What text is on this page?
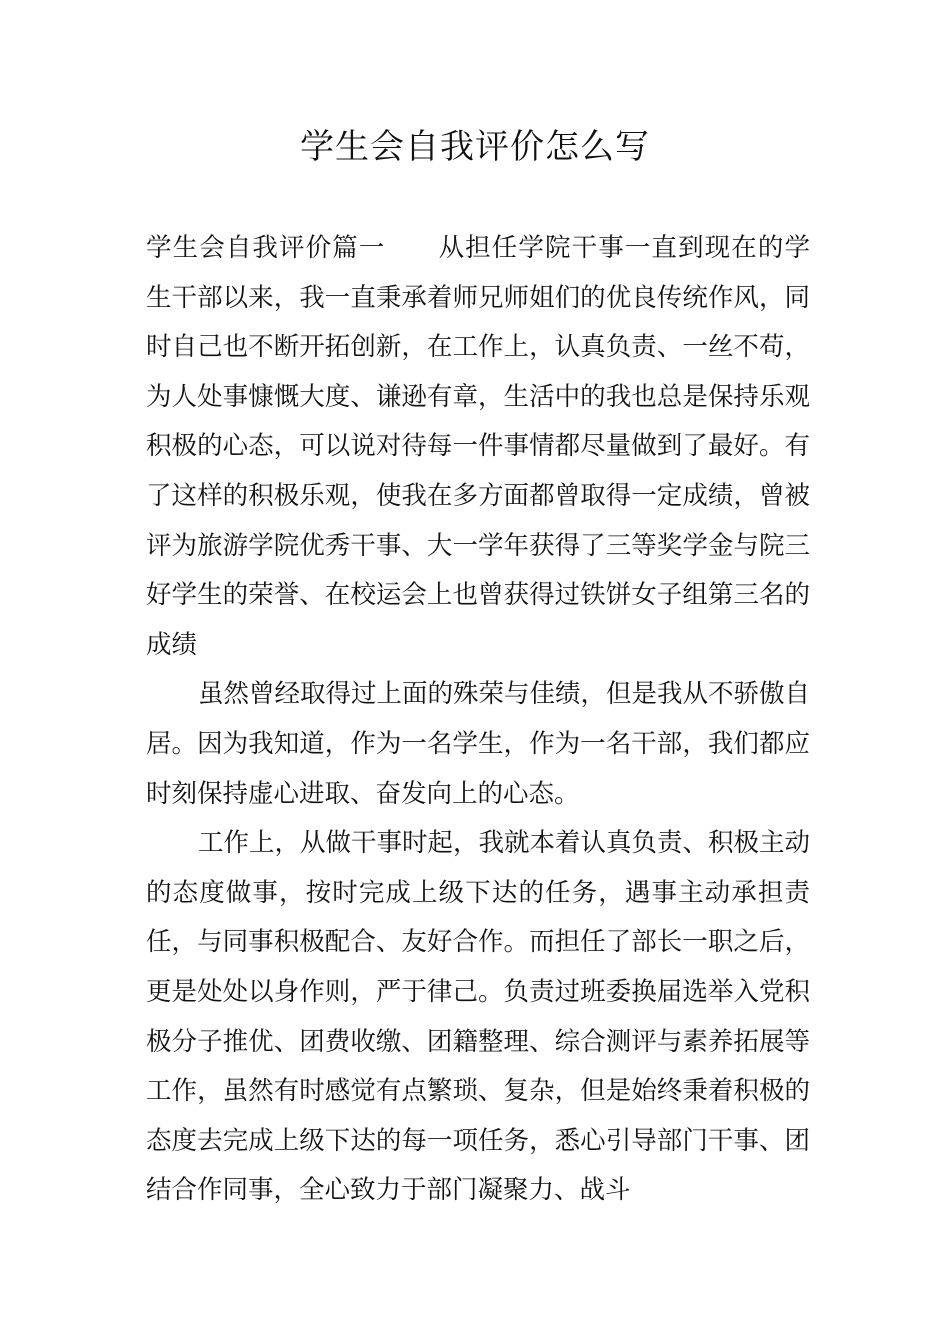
学生会自我评价怎么写

学生会自我评价篇一 从担任学院干事一直到现在的学生干部以来，我一直秉承着师兄师姐们的优良传统作风，同时自己也不断开拓创新，在工作上，认真负责、一丝不苟，为人处事慷慨大度、谦逊有章，生活中的我也总是保持乐观积极的心态，可以说对待每一件事情都尽量做到了最好。有了这样的积极乐观，使我在多方面都曾取得一定成绩，曾被评为旅游学院优秀干事、大一学年获得了三等奖学金与院三好学生的荣誉、在校运会上也曾获得过铁饼女子组第三名的成绩

虽然曾经取得过上面的殊荣与佳绩，但是我从不骄傲自居。因为我知道，作为一名学生，作为一名干部，我们都应时刻保持虚心进取、奋发向上的心态。

工作上，从做干事时起，我就本着认真负责、积极主动的态度做事，按时完成上级下达的任务，遇事主动承担责任，与同事积极配合、友好合作。而担任了部长一职之后，更是处处以身作则，严于律己。负责过班委换届选举入党积极分子推优、团费收缴、团籍整理、综合测评与素养拓展等工作，虽然有时感觉有点繁琐、复杂，但是始终秉着积极的态度去完成上级下达的每一项任务，悉心引导部门干事、团结合作同事，全心致力于部门凝聚力、战斗
